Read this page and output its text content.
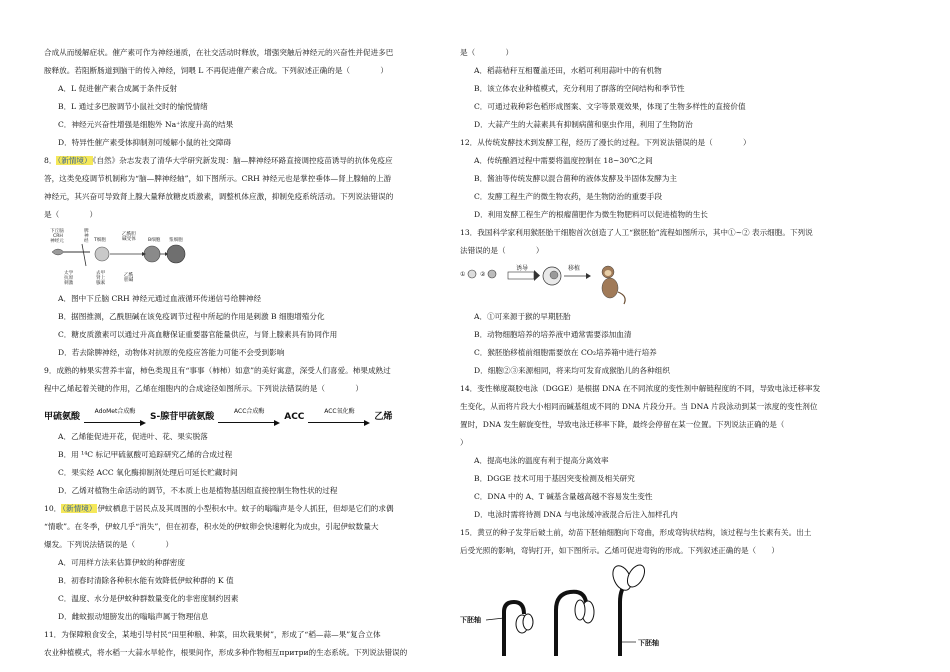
合成从而缓解症状。催产素可作为神经递质，在社交活动时释放，增强突触后神经元的兴奋性并促进多巴

胺释放。若阻断肠道到脑干的传入神经，饲喂 L 不再促进催产素合成。下列叙述正确的是（　　　　）

A．L 促进催产素合成属于条件反射

B．L 通过多巴胺调节小鼠社交时的愉悦情绪

C．神经元兴奋性增强是细胞外 Na⁺浓度升高的结果

D．特异性催产素受体抑制剂可缓解小鼠的社交障碍

8．（新情境）《自然》杂志发表了清华大学研究新发现：脑—脾神经环路直接调控疫苗诱导的抗体免疫应

答，这类免疫调节机制称为“脑—脾神经轴”，如下图所示。CRH 神经元也是掌控垂体—肾上腺轴的上游

神经元，其兴奋可导致肾上腺大量释放糖皮质激素，调整机体应激，抑制免疫系统活动。下列说法错误的

是（　　　　）

下丘脑
CRH
神经元
脾
神
经 T细胞
乙酰胆
碱受体	B细胞 浆细胞
太学
抗原
刺激
去甲
肾上
腺素
乙酰
胆碱

A．图中下丘脑 CRH 神经元通过血液循环传递信号给脾神经

B．据图推测，乙酰胆碱在该免疫调节过程中所起的作用是刺激 B 细胞增殖分化

C．糖皮质激素可以通过升高血糖保证重要器官能量供应，与肾上腺素具有协同作用

D．若去除脾神经，动物体对抗原的免疫应答能力可能不会受到影响

9．成熟的柿果实营养丰富，柿色类现且有“事事（柿柿）如意”的美好寓意，深受人们喜爱。柿果成熟过

程中乙烯起着关键的作用，乙烯在细胞内的合成途径如图所示。下列说法错误的是（　　　　）

甲硫氨酸
AdoMet合成酶
S-腺苷甲硫氨酸
ACC合成酶
ACC
ACC氧化酶
乙烯

A．乙烯能促进开花，促进叶、花、果实脱落

B．用 ¹⁴C 标记甲硫氨酸可追踪研究乙烯的合成过程

C．果实经 ACC 氧化酶抑制剂处理后可延长贮藏时间

D．乙烯对植物生命活动的调节，不本质上也是植物基因组直接控制生物性状的过程

10．（新情境）伊蚊栖息于居民点及其周围的小型积水中。蚊子的嗡嗡声是令人抓狂，但却是它们的求偶

“情歌”。在冬季，伊蚊几乎“消失”，但在初春，积水处的伊蚊卵会快速孵化为成虫，引起伊蚊数量大

爆发。下列说法错误的是（　　　　）

A．可用样方法来估算伊蚊的种群密度

B．初春时清除各种积水能有效降低伊蚊种群的 K 值

C．温度、水分是伊蚊种群数量变化的非密度制约因素

D．雌蚊振动翅膀发出的嗡嗡声属于物理信息

11．为保障粮食安全，某地引导村民“田里种粮、种菜，田坎栽果树”，形成了“稻—蒜—果”复合立体

农业种植模式，将水稻一大蒜水旱轮作，根果间作，形成多种作物相互притри的生态系统。下列说法错误的

是（　　　　）

A．稻蒜秸秆互相覆盖还田，水稻可利用蒜叶中的有机物

B．该立体农业种植模式，充分利用了群落的空间结构和季节性

C．可通过栽种彩色稻形成图案、文字等景观效果，体现了生物多样性的直接价值

D．大蒜产生的大蒜素具有抑制病菌和驱虫作用，利用了生物防治

12．从传统发酵技术到发酵工程，经历了漫长的过程。下列说法错误的是（　　　　）

A．传统酿酒过程中需要将温度控制在 18~30℃之间

B．酱油等传统发酵以混合菌种的液体发酵及半固体发酵为主

C．发酵工程生产的微生物农药，是生物防治的重要手段

D．利用发酵工程生产的根瘤菌肥作为微生物肥料可以促进植物的生长

13．我国科学家利用猴胚胎干细胞首次创造了人工“猴胚胎”流程如图所示，其中①~② 表示细胞。下列说

法错误的是（　　　　）

① ②
诱导	移植

A．①可来源于猴的早期胚胎

B．动物细胞培养的培养液中通常需要添加血清

C．猴胚胎移植前细胞需要放在 CO₂培养箱中进行培养

D．细胞②③来源相同，将来均可发育成猴胎儿的各种组织

14．变性梯度凝胶电泳（DGGE）是根据 DNA 在不同浓度的变性剂中解链程度的不同，导致电泳迁移率发

生变化，从而将片段大小相同而碱基组成不同的 DNA 片段分开。当 DNA 片段泳动到某一浓度的变性剂位

置时，DNA 发生解旋变性，导致电泳迁移率下降，最终会停留在某一位置。下列说法正确的是（

）

A．提高电泳的温度有利于提高分离效率

B．DGGE 技术可用于基因突变检测及相关研究

C．DNA 中的 A、T 碱基含量越高越不容易发生变性

D．电泳时需将待测 DNA 与电泳缓冲液混合后注入加样孔内

15．黄豆的种子发芽后破土前，幼苗下胚轴细胞向下弯曲，形成弯钩状结构，该过程与生长素有关。出土

后受光照的影响，弯钩打开，如下图所示。乙烯可促进弯钩的形成。下列叙述正确的是（　　）

下胚轴
下胚轴
